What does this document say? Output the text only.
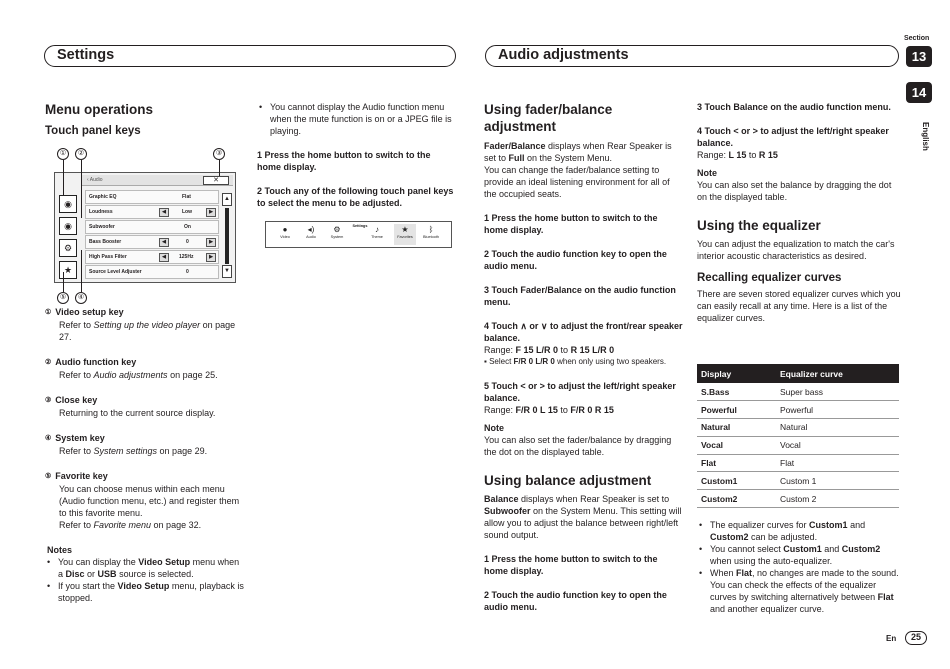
Settings	Audio adjustments
Section
13
14
English
Menu operations
Touch panel keys
‹ Audio	✕
◉
◉
⚙
★
Graphic EQ	Flat
Loudness	◀	Low	▶
Subwoofer	On
Bass Booster	◀	0	▶
High Pass Filter	◀	125Hz	▶
Source Level Adjuster	0
▲
▼
①	②	③
⑤	④
① Video setup key
Refer to Setting up the video player on page 27.
② Audio function key
Refer to Audio adjustments on page 25.
③ Close key
Returning to the current source display.
④ System key
Refer to System settings on page 29.
⑤ Favorite key
You can choose menus within each menu (Audio function menu, etc.) and register them to this favorite menu.
Refer to Favorite menu on page 32.
Notes
• You can display the Video Setup menu when a Disc or USB source is selected.
• If you start the Video Setup menu, playback is stopped.
• You cannot display the Audio function menu when the mute function is on or a JPEG file is playing.
1 Press the home button to switch to the home display.
2 Touch any of the following touch panel keys to select the menu to be adjusted.
●
Video
◂)
Audio
⚙
System
Settings ♪
Theme
★
Favorites
ᛒ
Bluetooth
Using fader/balance adjustment
Fader/Balance displays when Rear Speaker is set to Full on the System Menu.
You can change the fader/balance setting to provide an ideal listening environment for all of the occupied seats.
1 Press the home button to switch to the home display.
2 Touch the audio function key to open the audio menu.
3 Touch Fader/Balance on the audio function menu.
4 Touch ∧ or ∨ to adjust the front/rear speaker balance.
Range: F 15 L/R 0 to R 15 L/R 0
▪ Select F/R 0 L/R 0 when only using two speakers.
5 Touch < or > to adjust the left/right speaker balance.
Range: F/R 0 L 15 to F/R 0 R 15
Note
You can also set the fader/balance by dragging the dot on the displayed table.
Using balance adjustment
Balance displays when Rear Speaker is set to Subwoofer on the System Menu. This setting will allow you to adjust the balance between right/left sound output.
1 Press the home button to switch to the home display.
2 Touch the audio function key to open the audio menu.
3 Touch Balance on the audio function menu.
4 Touch < or > to adjust the left/right speaker balance.
Range: L 15 to R 15
Note
You can also set the balance by dragging the dot on the displayed table.
Using the equalizer
You can adjust the equalization to match the car's interior acoustic characteristics as desired.
Recalling equalizer curves
There are seven stored equalizer curves which you can easily recall at any time. Here is a list of the equalizer curves.
Display	Equalizer curve
S.Bass	Super bass
Powerful	Powerful
Natural	Natural
Vocal	Vocal
Flat	Flat
Custom1	Custom 1
Custom2	Custom 2
• The equalizer curves for Custom1 and Custom2 can be adjusted.
• You cannot select Custom1 and Custom2 when using the auto-equalizer.
• When Flat, no changes are made to the sound. You can check the effects of the equalizer curves by switching alternatively between Flat and another equalizer curve.
En	25
